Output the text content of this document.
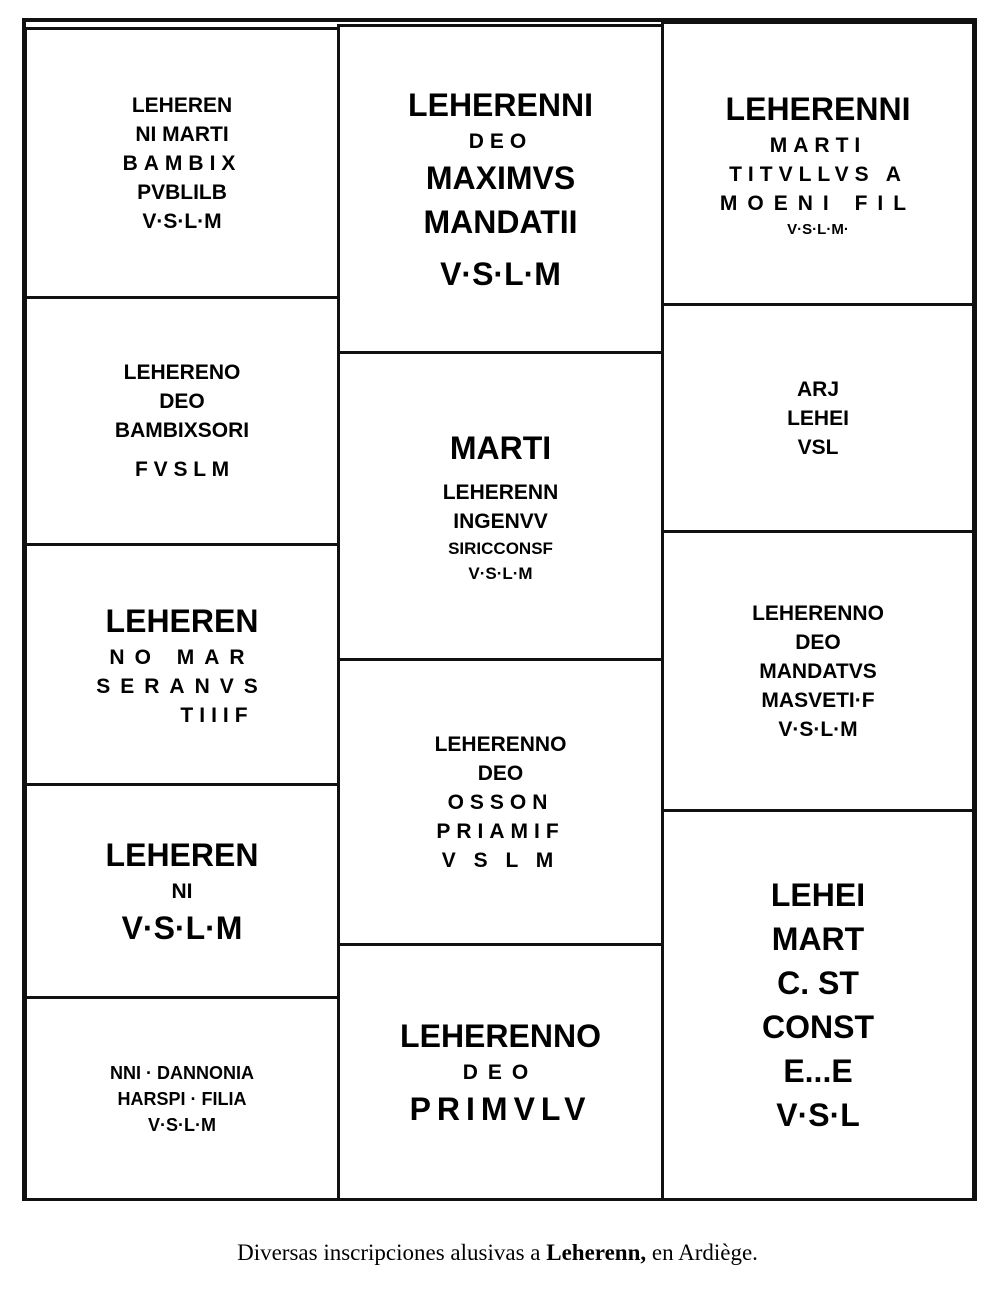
LEHEREN
NI MARTI
BAMBIX
PVBLILB
V·S·L·M
LEHERENO
DEO
BAMBIXSORI
F V S L M
LEHEREN
NO MAR
SERANVS
TIIIF
LEHEREN
NI
V·S·L·M
NNI · DANNONIA
HARSPI · FILIA
V·S·L·M
LEHERENNI
DEO
MAXIMVS
MANDATII
V·S·L·M
MARTI
LEHERENN
INGENVV
SIRICCONSF
V·S·L·M
LEHERENNO
DEO
OSSON
PRIAMIF
V S L M
LEHERENNO
DEO
PRIMVLV
LEHERENNI
MARTI
TITVLLVS A
MOENI FIL
V·S·L·M·
ARJ
LEHEI
VSL
LEHERENNO
DEO
MANDATVS
MASVETI·F
V·S·L·M
LEHEI
MART
C. ST
CONST
E...E
V·S·L
Diversas inscripciones alusivas a Leherenn, en Ardiège.
